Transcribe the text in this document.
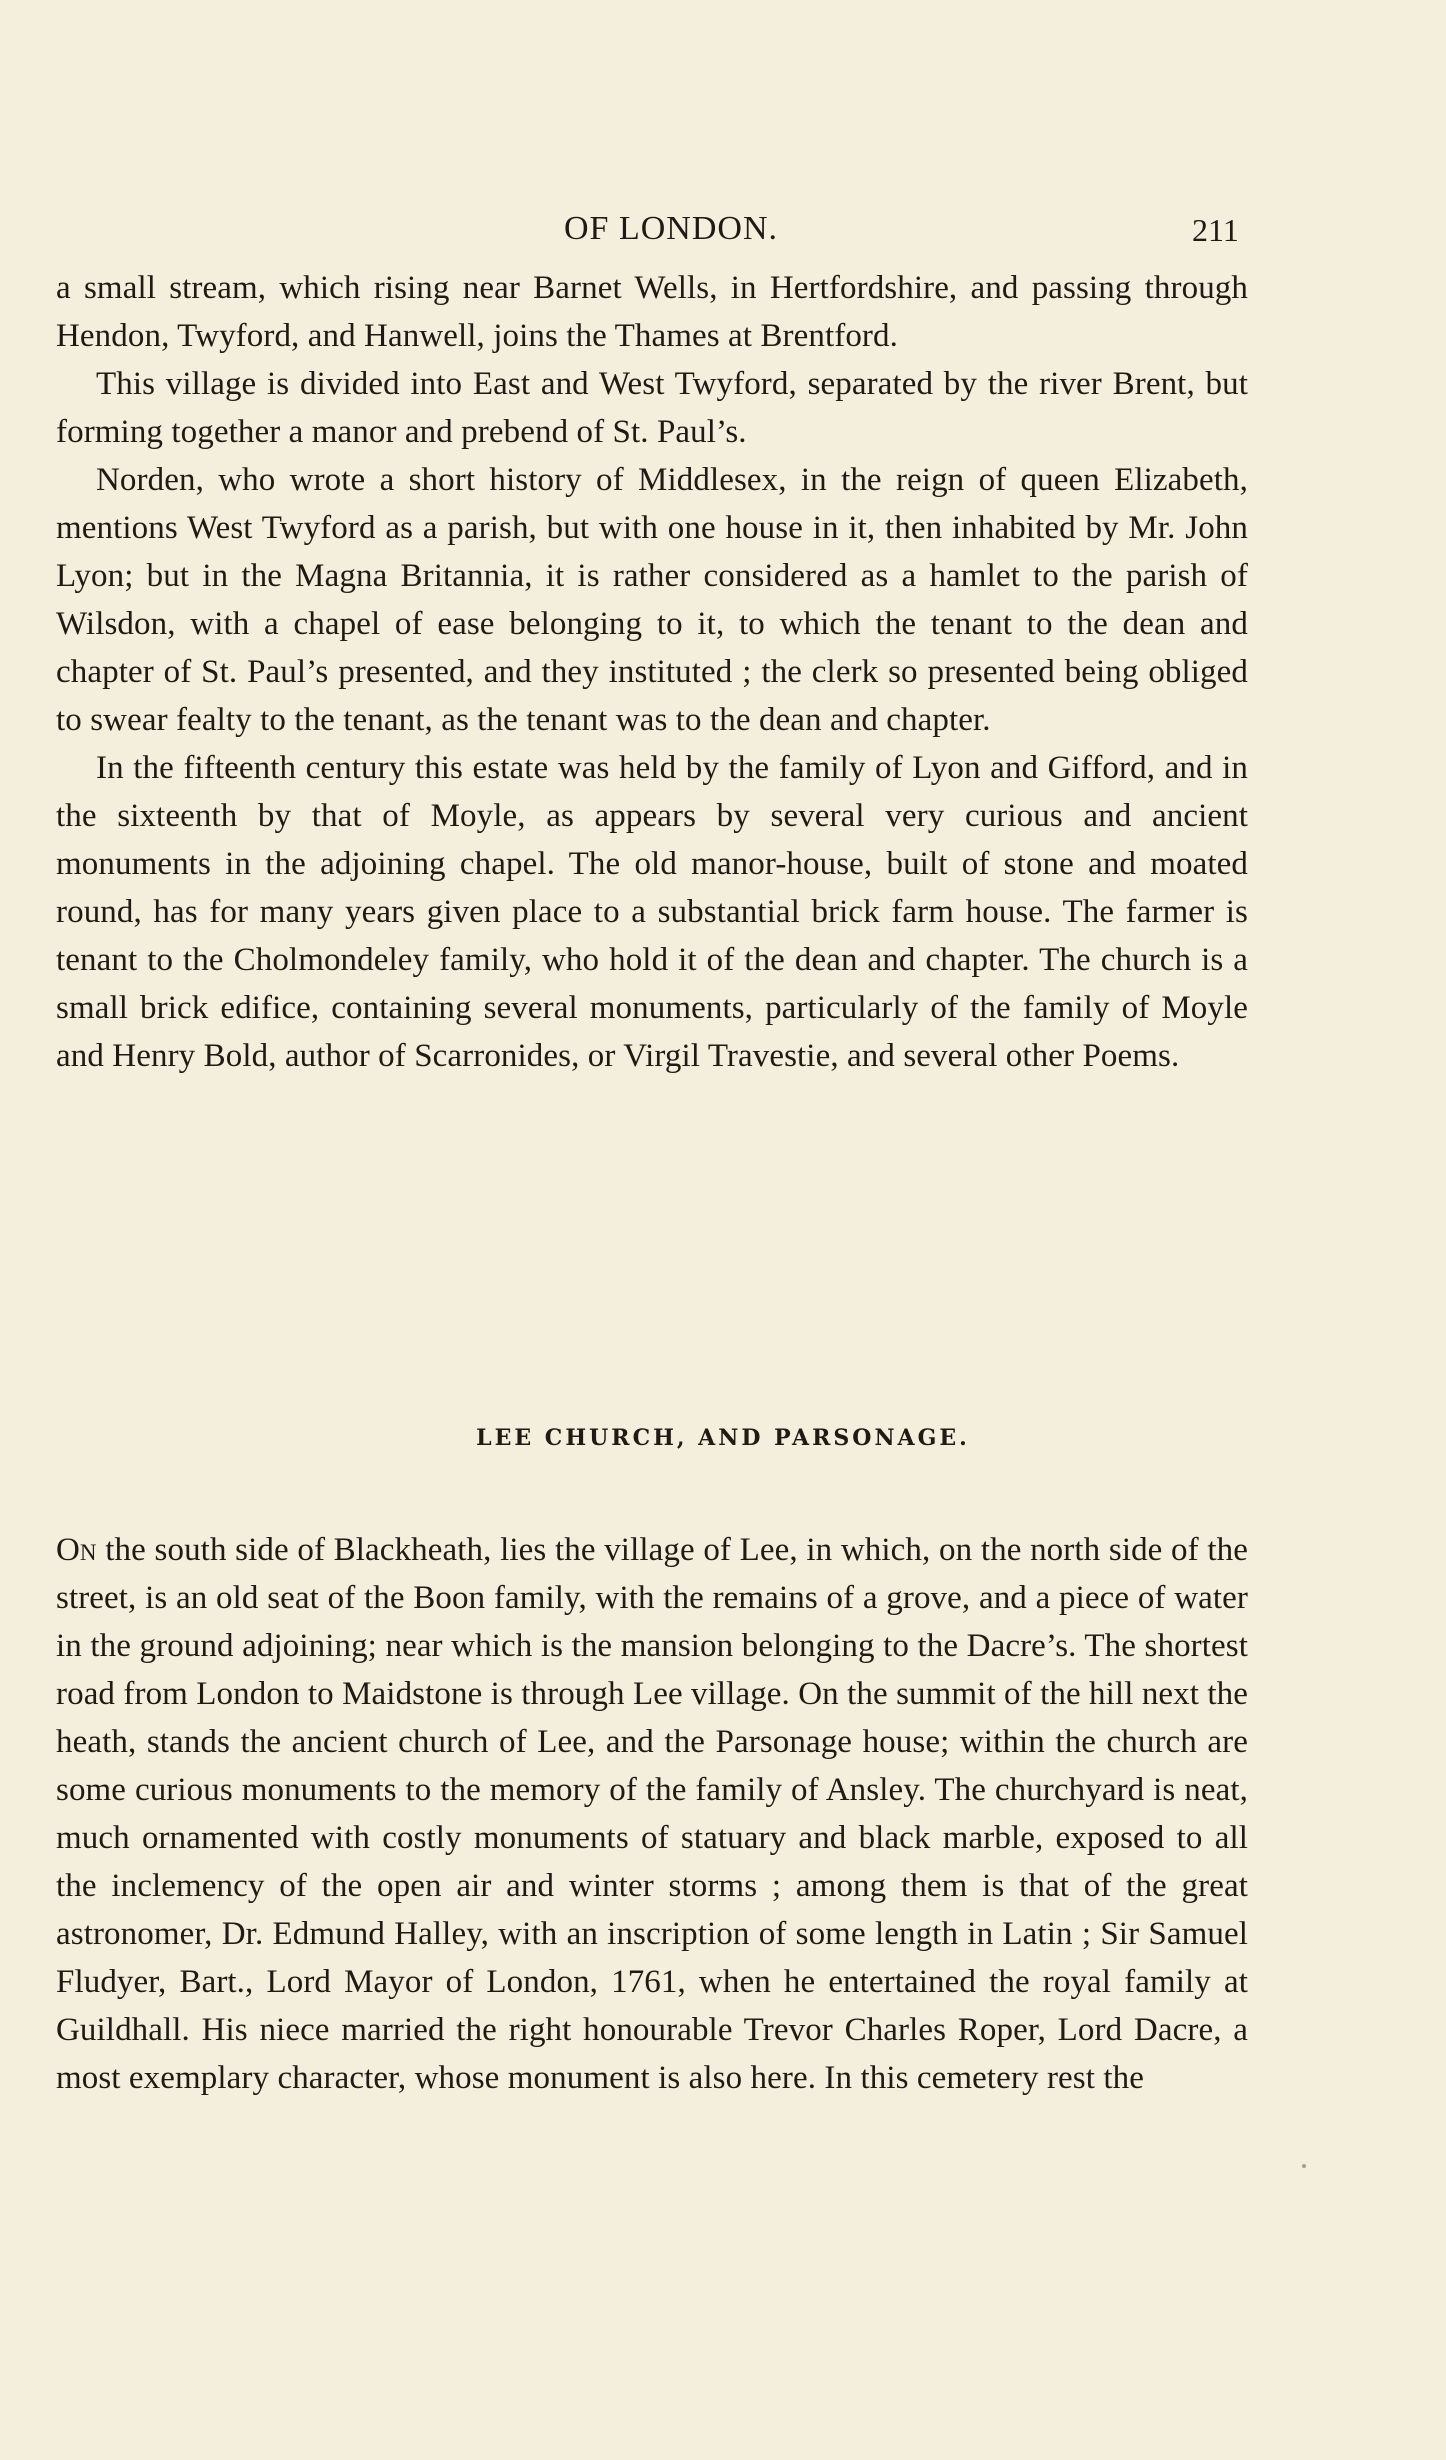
OF LONDON.	211

a small stream, which rising near Barnet Wells, in Hertfordshire, and passing through Hendon, Twyford, and Hanwell, joins the Thames at Brentford.

This village is divided into East and West Twyford, separated by the river Brent, but forming together a manor and prebend of St. Paul’s.

Norden, who wrote a short history of Middlesex, in the reign of queen Elizabeth, mentions West Twyford as a parish, but with one house in it, then inhabited by Mr. John Lyon; but in the Magna Britannia, it is rather considered as a hamlet to the parish of Wilsdon, with a chapel of ease belonging to it, to which the tenant to the dean and chapter of St. Paul’s presented, and they instituted ; the clerk so presented being obliged to swear fealty to the tenant, as the tenant was to the dean and chapter.

In the fifteenth century this estate was held by the family of Lyon and Gifford, and in the sixteenth by that of Moyle, as appears by several very curious and ancient monuments in the adjoining chapel. The old manor-house, built of stone and moated round, has for many years given place to a substantial brick farm house. The farmer is tenant to the Cholmondeley family, who hold it of the dean and chapter. The church is a small brick edifice, containing several monuments, particularly of the family of Moyle and Henry Bold, author of Scarronides, or Virgil Travestie, and several other Poems.

LEE CHURCH, AND PARSONAGE.

On the south side of Blackheath, lies the village of Lee, in which, on the north side of the street, is an old seat of the Boon family, with the remains of a grove, and a piece of water in the ground adjoining; near which is the mansion belonging to the Dacre’s. The shortest road from London to Maidstone is through Lee village. On the summit of the hill next the heath, stands the ancient church of Lee, and the Parsonage house; within the church are some curious monuments to the memory of the family of Ansley. The churchyard is neat, much ornamented with costly monuments of statuary and black marble, exposed to all the inclemency of the open air and winter storms ; among them is that of the great astronomer, Dr. Edmund Halley, with an inscription of some length in Latin ; Sir Samuel Fludyer, Bart., Lord Mayor of London, 1761, when he entertained the royal family at Guildhall. His niece married the right honourable Trevor Charles Roper, Lord Dacre, a most exemplary character, whose monument is also here. In this cemetery rest the
